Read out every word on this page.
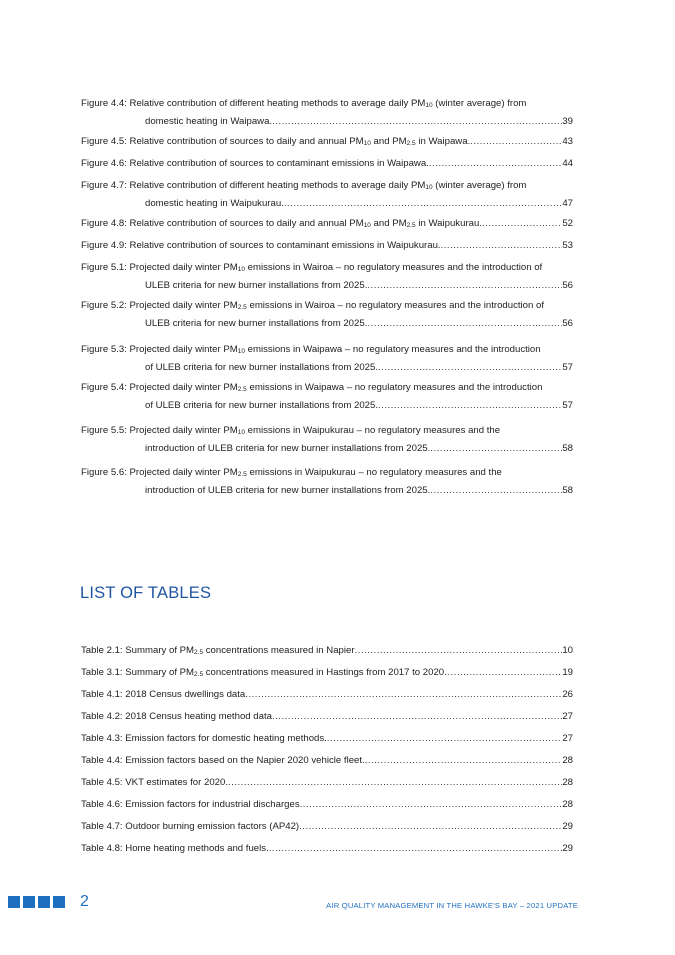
Figure 4.4: Relative contribution of different heating methods to average daily $PM_{10}$ (winter average) from
domestic heating in Waipawa. .....	39
Figure 4.5: Relative contribution of sources to daily and annual $PM_{10}$ and $PM_{2.5}$ in Waipawa. .....	43
Figure 4.6: Relative contribution of sources to contaminant emissions in Waipawa. .....	44
Figure 4.7: Relative contribution of different heating methods to average daily $PM_{10}$ (winter average) from
domestic heating in Waipukurau. .....	47
Figure 4.8: Relative contribution of sources to daily and annual $PM_{10}$ and $PM_{2.5}$ in Waipukurau. .....	52
Figure 4.9: Relative contribution of sources to contaminant emissions in Waipukurau. .....	53
Figure 5.1: Projected daily winter $PM_{10}$ emissions in Wairoa – no regulatory measures and the introduction of
ULEB criteria for new burner installations from 2025. .....	56
Figure 5.2: Projected daily winter $PM_{2.5}$ emissions in Wairoa – no regulatory measures and the introduction of
ULEB criteria for new burner installations from 2025. .....	56
Figure 5.3: Projected daily winter $PM_{10}$ emissions in Waipawa – no regulatory measures and the introduction
of ULEB criteria for new burner installations from 2025. .....	57
Figure 5.4: Projected daily winter $PM_{2.5}$ emissions in Waipawa – no regulatory measures and the introduction
of ULEB criteria for new burner installations from 2025. .....	57
Figure 5.5: Projected daily winter $PM_{10}$ emissions in Waipukurau – no regulatory measures and the
introduction of ULEB criteria for new burner installations from 2025. .....	58
Figure 5.6: Projected daily winter $PM_{2.5}$ emissions in Waipukurau – no regulatory measures and the
introduction of ULEB criteria for new burner installations from 2025. .....	58
LIST OF TABLES
Table 2.1: Summary of $PM_{2.5}$ concentrations measured in Napier .....	10
Table 3.1: Summary of $PM_{2.5}$ concentrations measured in Hastings from 2017 to 2020 .....	19
Table 4.1: 2018 Census dwellings data .....	26
Table 4.2: 2018 Census heating method data .....	27
Table 4.3: Emission factors for domestic heating methods. .....	27
Table 4.4: Emission factors based on the Napier 2020 vehicle fleet. .....	28
Table 4.5: VKT estimates for 2020. .....	28
Table 4.6: Emission factors for industrial discharges .....	28
Table 4.7: Outdoor burning emission factors (AP42) .....	29
Table 4.8: Home heating methods and fuels. .....	29
2	AIR QUALITY MANAGEMENT IN THE HAWKE'S BAY – 2021 UPDATE
